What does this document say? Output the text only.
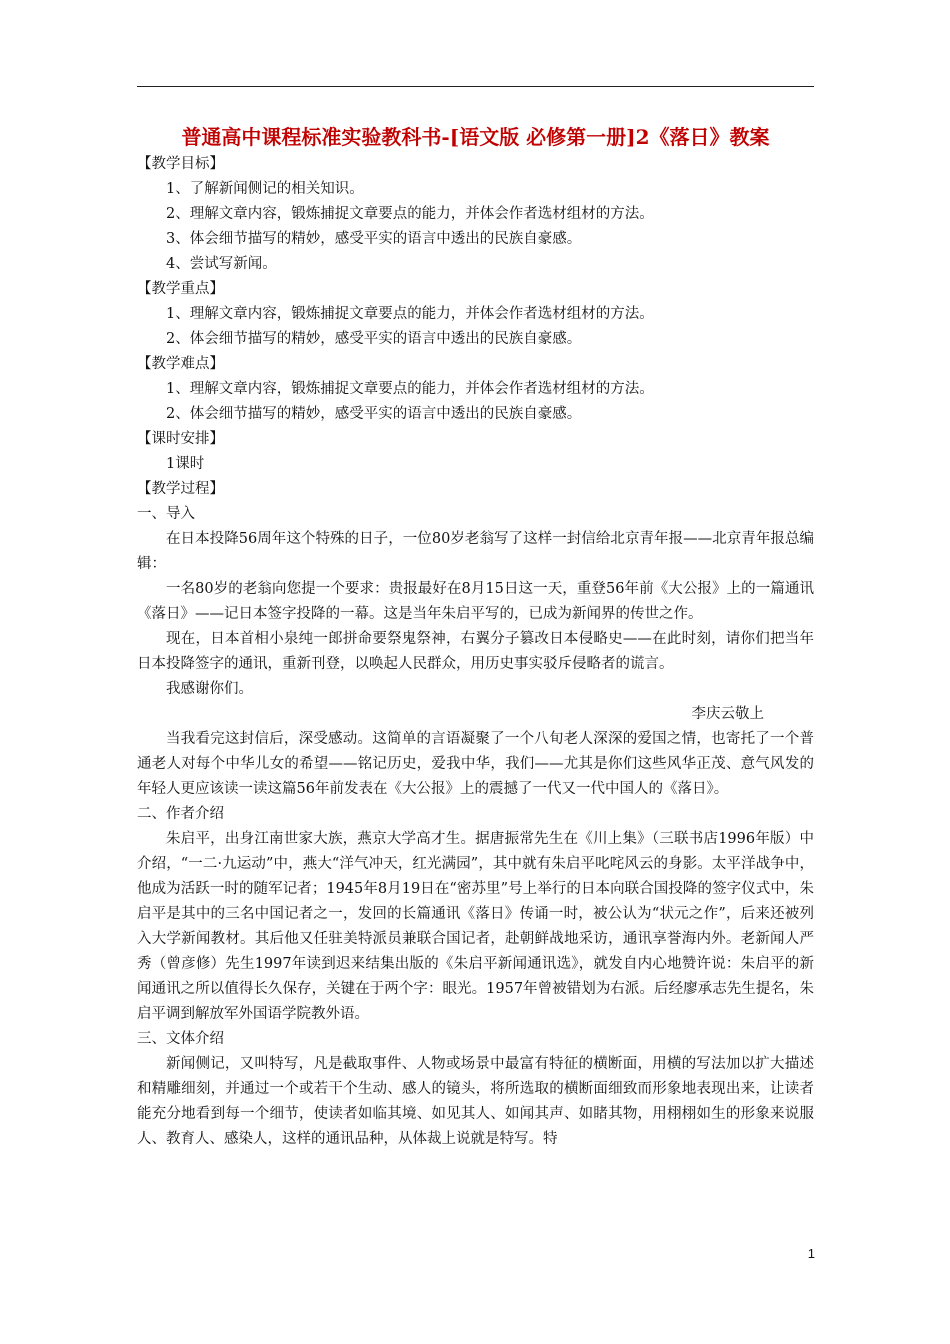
普通高中课程标准实验教科书-[语文版 必修第一册]2《落日》教案

【教学目标】

1、了解新闻侧记的相关知识。

2、理解文章内容，锻炼捕捉文章要点的能力，并体会作者选材组材的方法。

3、体会细节描写的精妙，感受平实的语言中透出的民族自豪感。

4、尝试写新闻。

【教学重点】

1、理解文章内容，锻炼捕捉文章要点的能力，并体会作者选材组材的方法。

2、体会细节描写的精妙，感受平实的语言中透出的民族自豪感。

【教学难点】

1、理解文章内容，锻炼捕捉文章要点的能力，并体会作者选材组材的方法。

2、体会细节描写的精妙，感受平实的语言中透出的民族自豪感。

【课时安排】

1课时

【教学过程】

一、导入

在日本投降56周年这个特殊的日子，一位80岁老翁写了这样一封信给北京青年报——北京青年报总编辑：

一名80岁的老翁向您提一个要求：贵报最好在8月15日这一天，重登56年前《大公报》上的一篇通讯《落日》——记日本签字投降的一幕。这是当年朱启平写的，已成为新闻界的传世之作。

现在，日本首相小泉纯一郎拼命要祭鬼祭神，右翼分子篡改日本侵略史——在此时刻，请你们把当年日本投降签字的通讯，重新刊登，以唤起人民群众，用历史事实驳斥侵略者的谎言。

我感谢你们。

李庆云敬上

当我看完这封信后，深受感动。这简单的言语凝聚了一个八旬老人深深的爱国之情，也寄托了一个普通老人对每个中华儿女的希望——铭记历史，爱我中华，我们——尤其是你们这些风华正茂、意气风发的年轻人更应该读一读这篇56年前发表在《大公报》上的震撼了一代又一代中国人的《落日》。

二、作者介绍

朱启平，出身江南世家大族，燕京大学高才生。据唐振常先生在《川上集》（三联书店1996年版）中介绍，“一二·九运动”中，燕大“洋气冲天，红光满园”，其中就有朱启平叱咤风云的身影。太平洋战争中，他成为活跃一时的随军记者；1945年8月19日在“密苏里”号上举行的日本向联合国投降的签字仪式中，朱启平是其中的三名中国记者之一，发回的长篇通讯《落日》传诵一时，被公认为“状元之作”，后来还被列入大学新闻教材。其后他又任驻美特派员兼联合国记者，赴朝鲜战地采访，通讯享誉海内外。老新闻人严秀（曾彦修）先生1997年读到迟来结集出版的《朱启平新闻通讯选》，就发自内心地赞许说：朱启平的新闻通讯之所以值得长久保存，关键在于两个字：眼光。1957年曾被错划为右派。后经廖承志先生提名，朱启平调到解放军外国语学院教外语。

三、文体介绍

新闻侧记，又叫特写，凡是截取事件、人物或场景中最富有特征的横断面，用横的写法加以扩大描述和精雕细刻，并通过一个或若干个生动、感人的镜头，将所选取的横断面细致而形象地表现出来，让读者能充分地看到每一个细节，使读者如临其境、如见其人、如闻其声、如睹其物，用栩栩如生的形象来说服人、教育人、感染人，这样的通讯品种，从体裁上说就是特写。特

1
